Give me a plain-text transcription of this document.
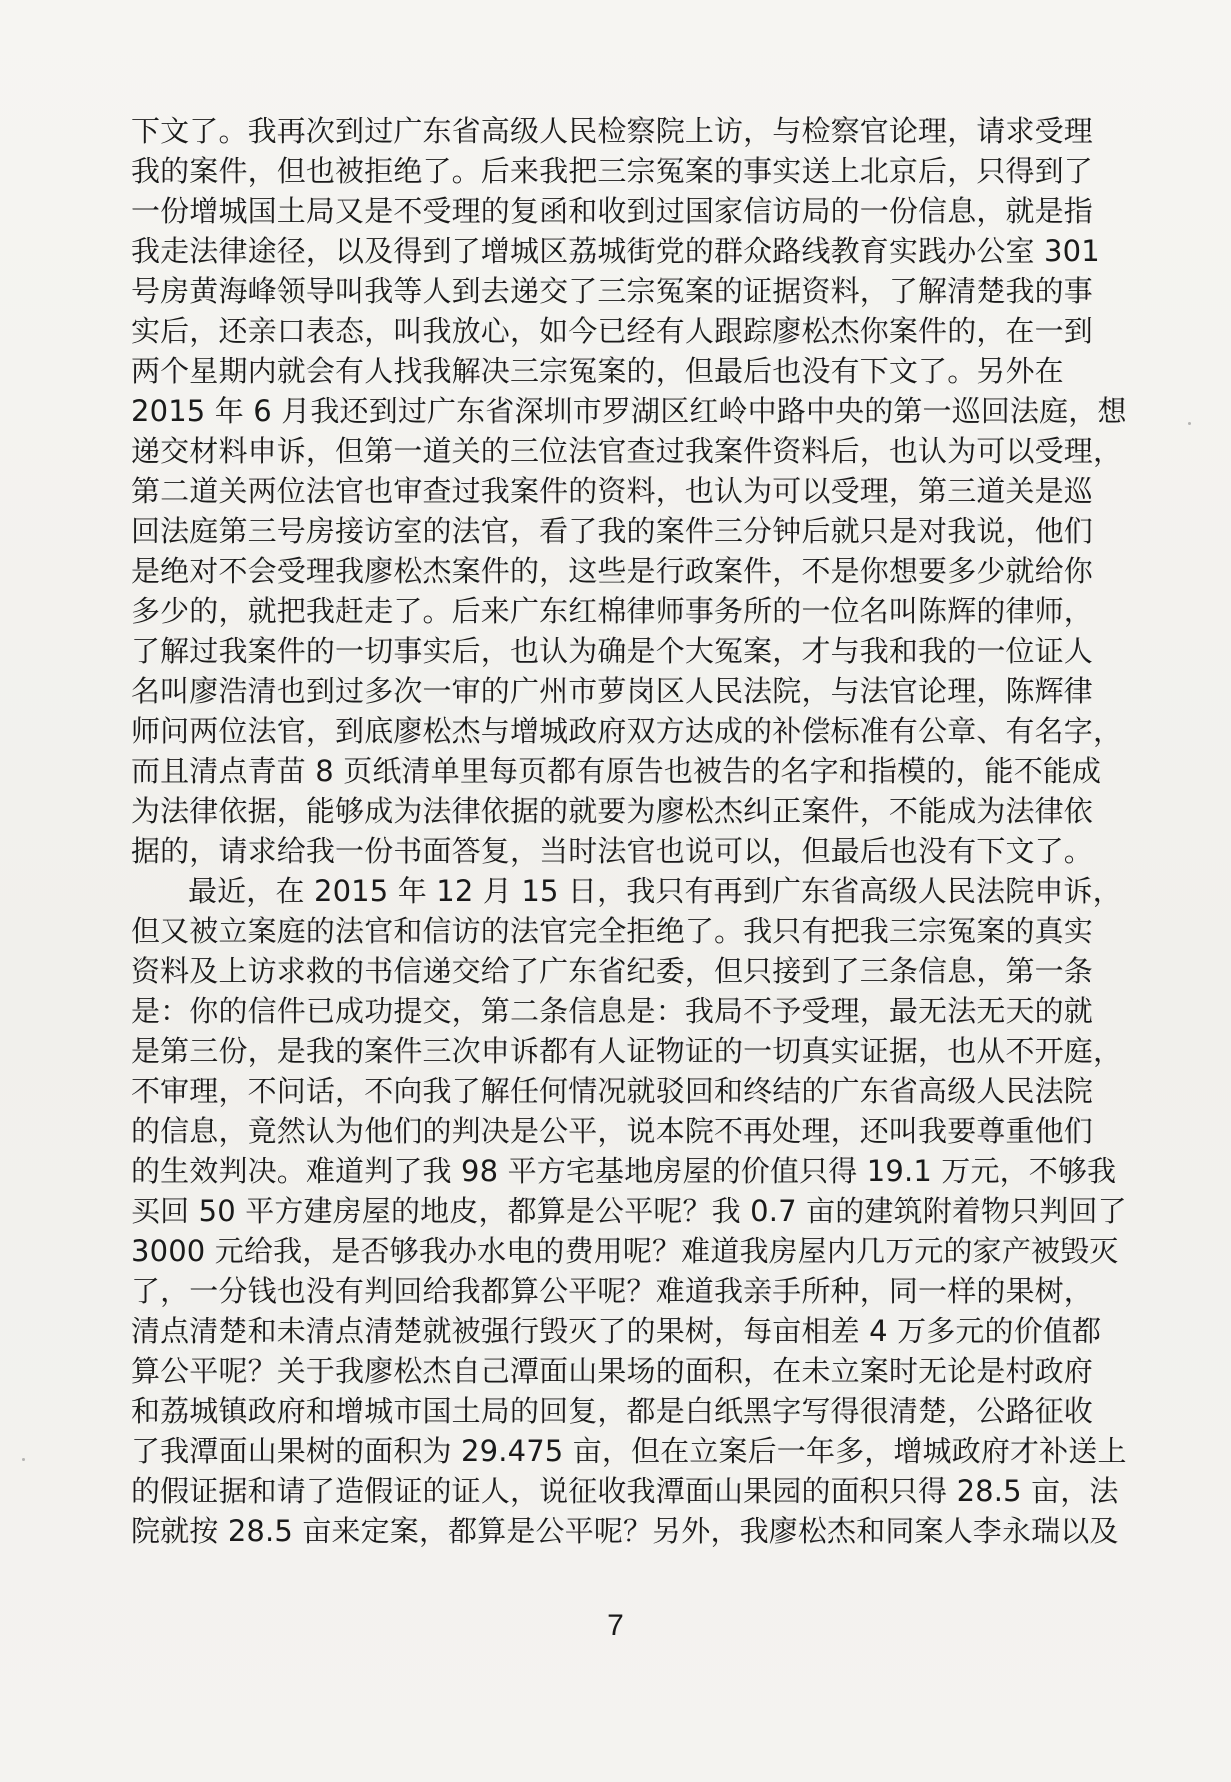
下文了。我再次到过广东省高级人民检察院上访，与检察官论理，请求受理
我的案件，但也被拒绝了。后来我把三宗冤案的事实送上北京后，只得到了
一份增城国土局又是不受理的复函和收到过国家信访局的一份信息，就是指
我走法律途径，以及得到了增城区荔城街党的群众路线教育实践办公室 301
号房黄海峰领导叫我等人到去递交了三宗冤案的证据资料，了解清楚我的事
实后，还亲口表态，叫我放心，如今已经有人跟踪廖松杰你案件的，在一到
两个星期内就会有人找我解决三宗冤案的，但最后也没有下文了。另外在
2015 年 6 月我还到过广东省深圳市罗湖区红岭中路中央的第一巡回法庭，想
递交材料申诉，但第一道关的三位法官查过我案件资料后，也认为可以受理，
第二道关两位法官也审查过我案件的资料，也认为可以受理，第三道关是巡
回法庭第三号房接访室的法官，看了我的案件三分钟后就只是对我说，他们
是绝对不会受理我廖松杰案件的，这些是行政案件，不是你想要多少就给你
多少的，就把我赶走了。后来广东红棉律师事务所的一位名叫陈辉的律师，
了解过我案件的一切事实后，也认为确是个大冤案，才与我和我的一位证人
名叫廖浩清也到过多次一审的广州市萝岗区人民法院，与法官论理，陈辉律
师问两位法官，到底廖松杰与增城政府双方达成的补偿标准有公章、有名字，
而且清点青苗 8 页纸清单里每页都有原告也被告的名字和指模的，能不能成
为法律依据，能够成为法律依据的就要为廖松杰纠正案件，不能成为法律依
据的，请求给我一份书面答复，当时法官也说可以，但最后也没有下文了。
最近，在 2015 年 12 月 15 日，我只有再到广东省高级人民法院申诉，
但又被立案庭的法官和信访的法官完全拒绝了。我只有把我三宗冤案的真实
资料及上访求救的书信递交给了广东省纪委，但只接到了三条信息，第一条
是：你的信件已成功提交，第二条信息是：我局不予受理，最无法无天的就
是第三份，是我的案件三次申诉都有人证物证的一切真实证据，也从不开庭，
不审理，不问话，不向我了解任何情况就驳回和终结的广东省高级人民法院
的信息，竟然认为他们的判决是公平，说本院不再处理，还叫我要尊重他们
的生效判决。难道判了我 98 平方宅基地房屋的价值只得 19.1 万元，不够我
买回 50 平方建房屋的地皮，都算是公平呢？我 0.7 亩的建筑附着物只判回了
3000 元给我，是否够我办水电的费用呢？难道我房屋内几万元的家产被毁灭
了，一分钱也没有判回给我都算公平呢？难道我亲手所种，同一样的果树，
清点清楚和未清点清楚就被强行毁灭了的果树，每亩相差 4 万多元的价值都
算公平呢？关于我廖松杰自己潭面山果场的面积，在未立案时无论是村政府
和荔城镇政府和增城市国土局的回复，都是白纸黑字写得很清楚，公路征收
了我潭面山果树的面积为 29.475 亩，但在立案后一年多，增城政府才补送上
的假证据和请了造假证的证人，说征收我潭面山果园的面积只得 28.5 亩，法
院就按 28.5 亩来定案，都算是公平呢？另外，我廖松杰和同案人李永瑞以及
7
